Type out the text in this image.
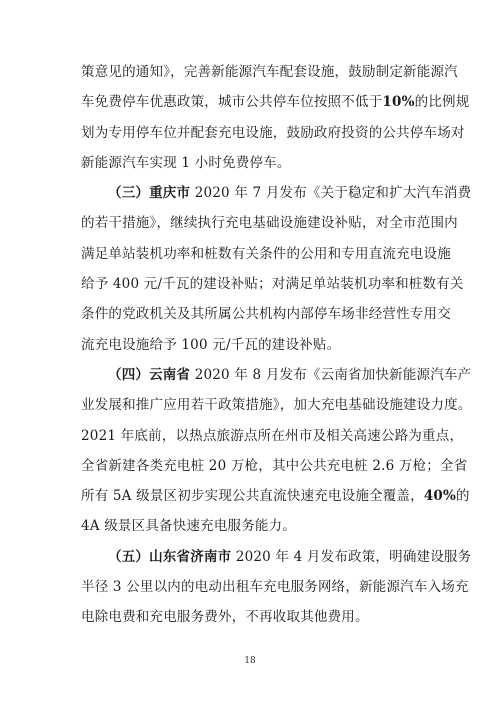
策意见的通知》，完善新能源汽车配套设施，鼓励制定新能源汽
车免费停车优惠政策，城市公共停车位按照不低于10%的比例规
划为专用停车位并配套充电设施，鼓励政府投资的公共停车场对
新能源汽车实现 1 小时免费停车。

（三）重庆市 2020 年 7 月发布《关于稳定和扩大汽车消费
的若干措施》，继续执行充电基础设施建设补贴，对全市范围内
满足单站装机功率和桩数有关条件的公用和专用直流充电设施
给予 400 元/千瓦的建设补贴；对满足单站装机功率和桩数有关
条件的党政机关及其所属公共机构内部停车场非经营性专用交
流充电设施给予 100 元/千瓦的建设补贴。

（四）云南省 2020 年 8 月发布《云南省加快新能源汽车产
业发展和推广应用若干政策措施》，加大充电基础设施建设力度。
2021 年底前，以热点旅游点所在州市及相关高速公路为重点，
全省新建各类充电桩 20 万枪，其中公共充电桩 2.6 万枪；全省
所有 5A 级景区初步实现公共直流快速充电设施全覆盖，40%的
4A 级景区具备快速充电服务能力。

（五）山东省济南市 2020 年 4 月发布政策，明确建设服务
半径 3 公里以内的电动出租车充电服务网络，新能源汽车入场充
电除电费和充电服务费外，不再收取其他费用。

18
